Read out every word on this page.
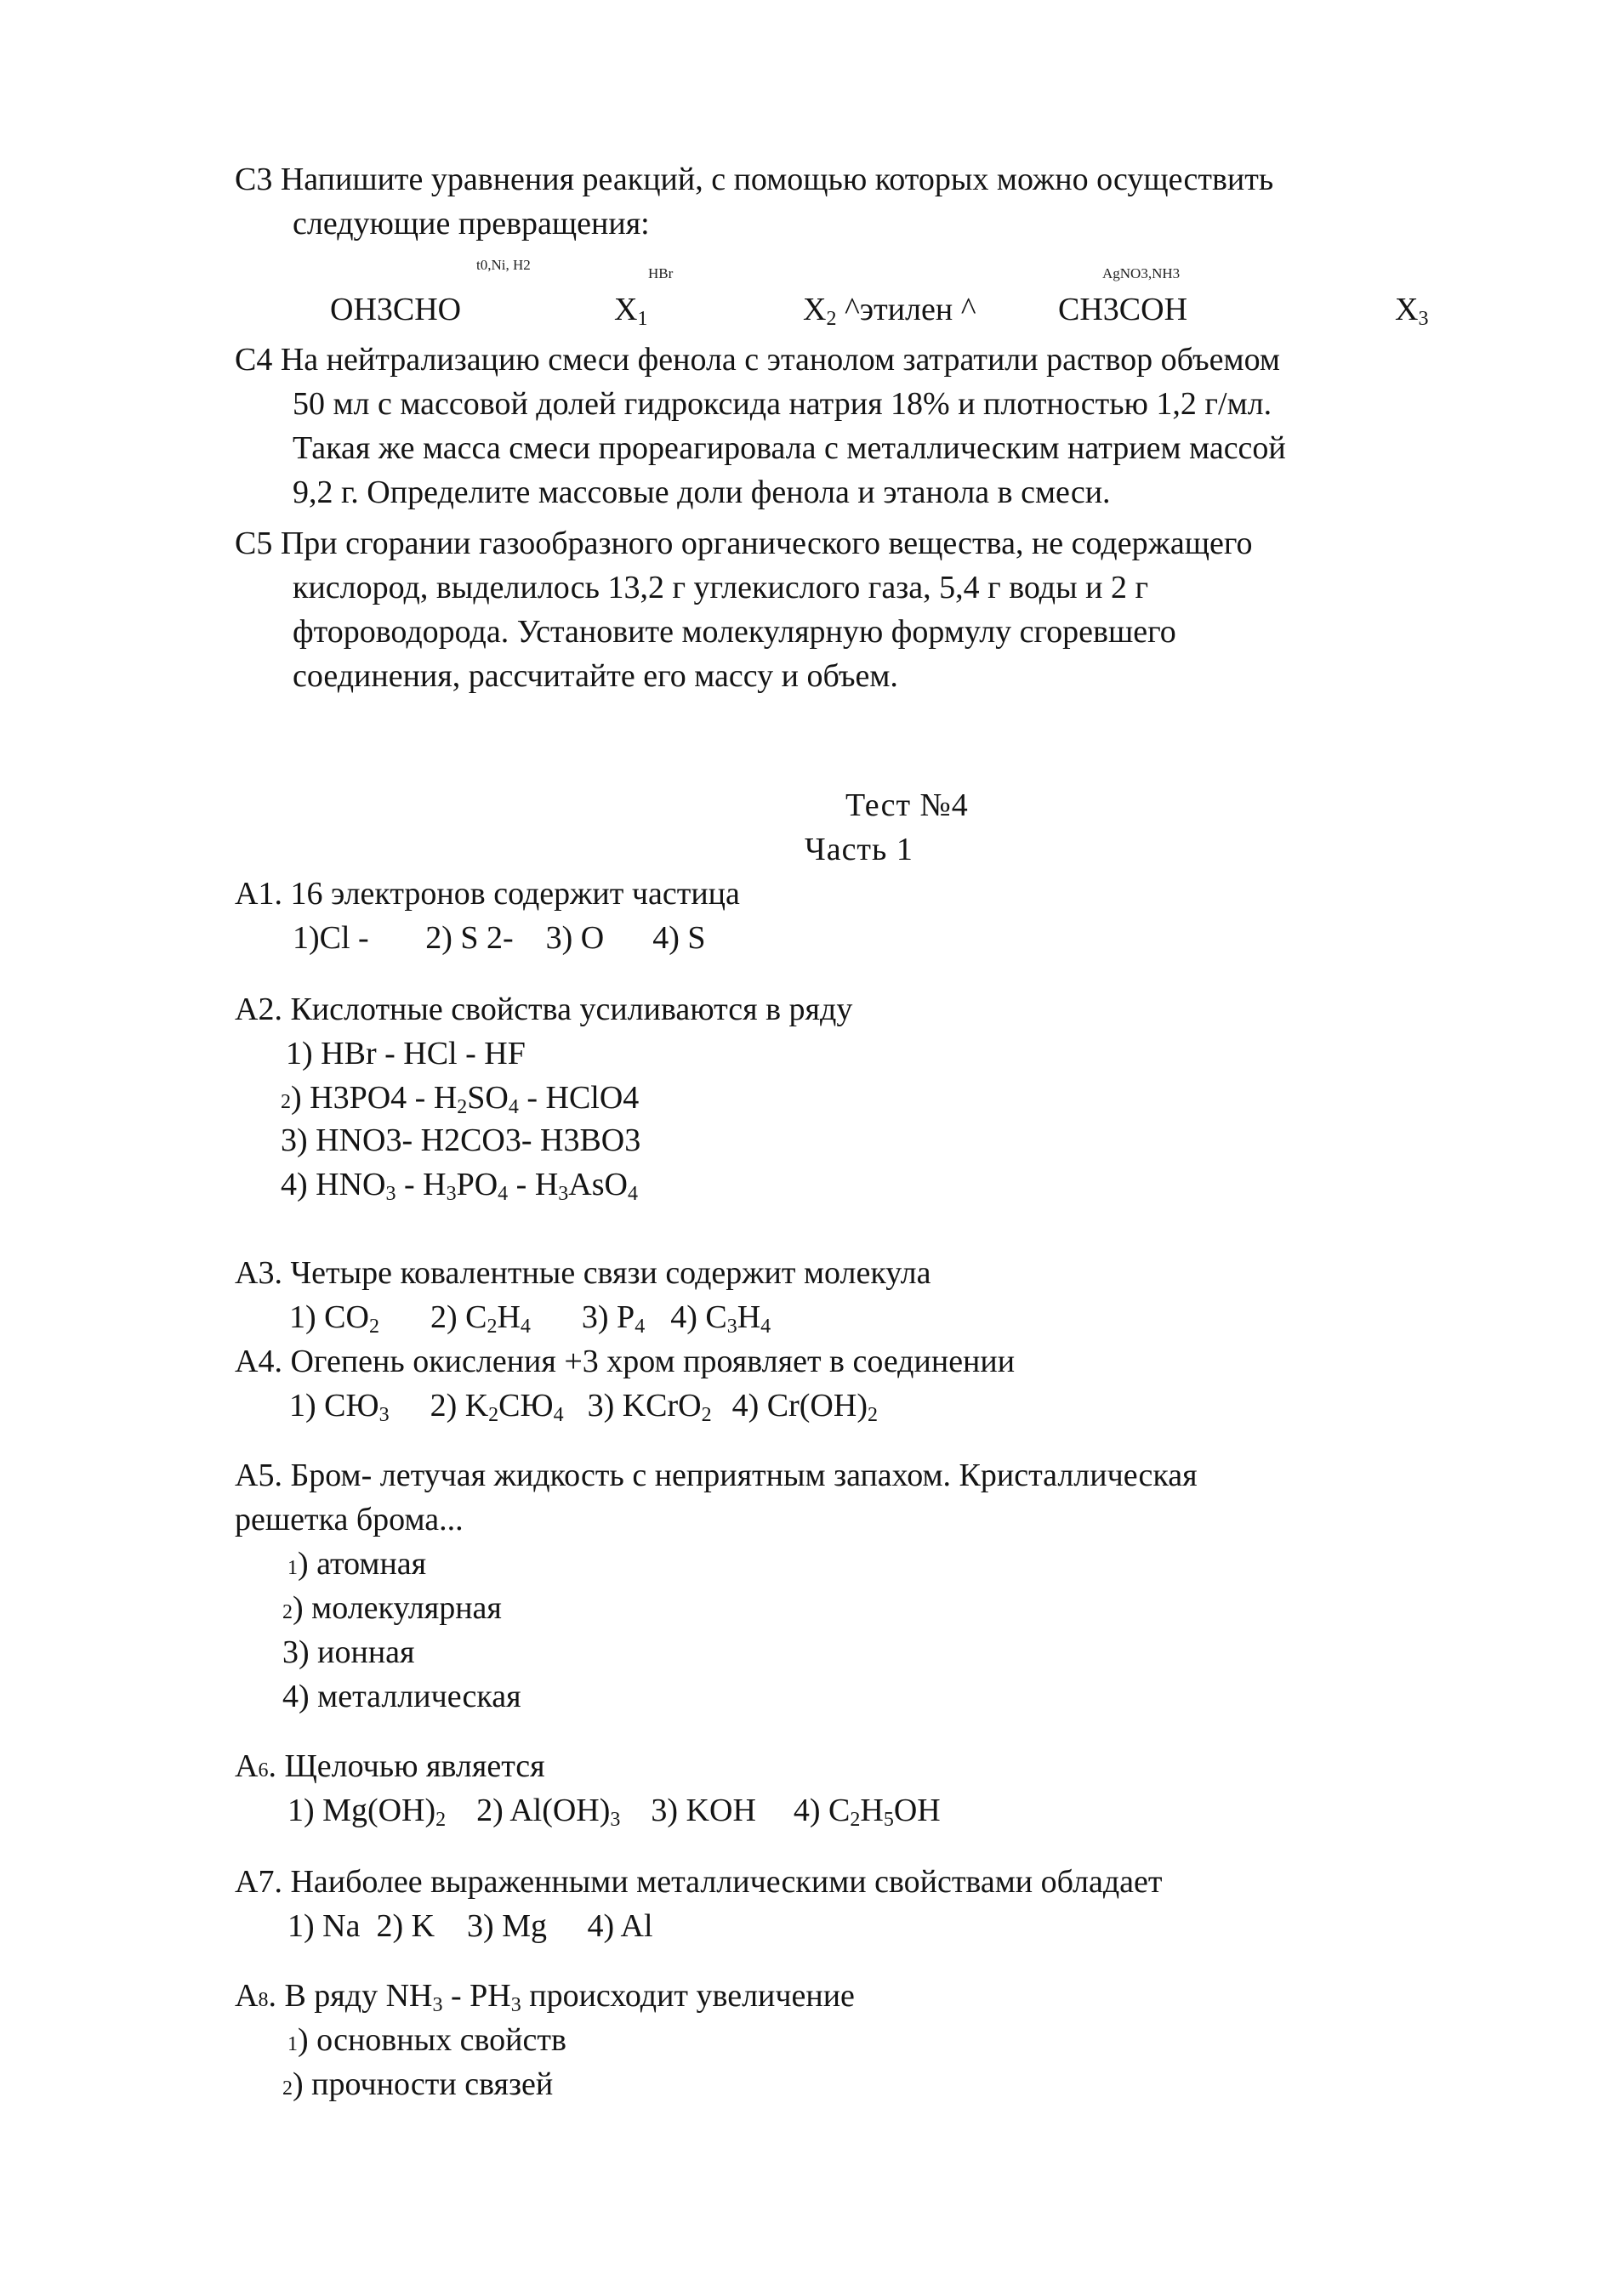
С3 Напишите уравнения реакций, с помощью которых можно осуществить
следующие превращения:
t0,Ni, H2
HBr	AgNO3,NH3
ОН3СНО	X1	X2 ^этилен ^	CH3COH	X3
С4 На нейтрализацию смеси фенола с этанолом затратили раствор объемом
50 мл с массовой долей гидроксида натрия 18% и плотностью 1,2 г/мл.
Такая же масса смеси прореагировала с металлическим натрием массой
9,2 г. Определите массовые доли фенола и этанола в смеси.
С5 При сгорании газообразного органического вещества, не содержащего
кислород, выделилось 13,2 г углекислого газа, 5,4 г воды и 2 г
фтороводорода. Установите молекулярную формулу сгоревшего
соединения, рассчитайте его массу и объем.
Тест №4
Часть 1
А1. 16 электронов содержит частица
1)Cl -       2) S 2-    3) O      4) S
А2. Кислотные свойства усиливаются в ряду
1) HBr - HCl - HF
2) H3PO4 - H2SO4 - HClO4
3) HNO3- H2CO3- H3BO3
4) HNO3 - H3PO4 - H3AsO4
А3. Четыре ковалентные связи содержит молекула
1) CO2 2) C2H4 3) P4 4) C3H4
А4. Огепень окисления +3 хром проявляет в соединении
1) СЮ3 2) K2СЮ4 3) KCrO2 4) Cr(OH)2
А5. Бром- летучая жидкость с неприятным запахом. Кристаллическая
решетка брома...
1) атомная
2) молекулярная
3) ионная
4) металлическая
А6. Щелочью является
1) Mg(OH)2 2) Al(OH)3 3) KOH 4) C2H5OH
А7. Наиболее выраженными металлическими свойствами обладает
1) Na  2) K    3) Mg     4) Al
А8. В ряду NH3 - PH3 происходит увеличение
1) основных свойств
2) прочности связей
